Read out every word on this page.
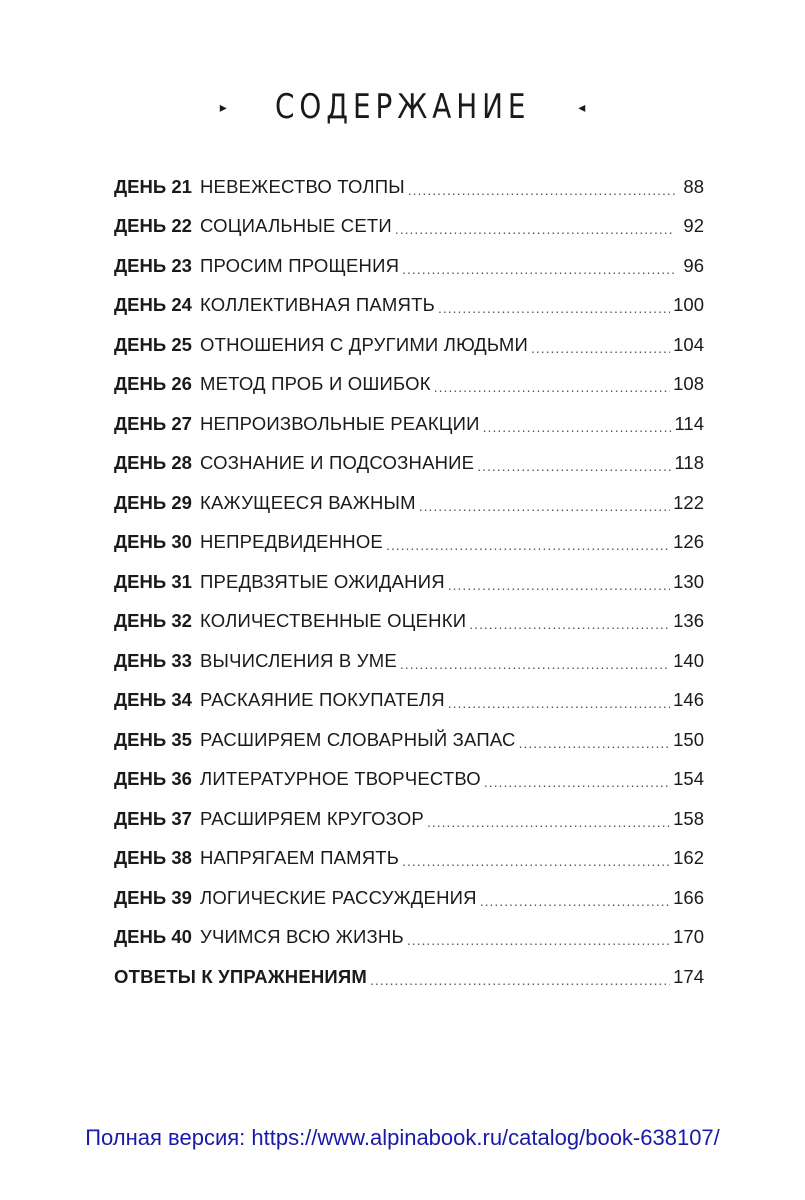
▸ СОДЕРЖАНИЕ	◂
ДЕНЬ 21 НЕВЕЖЕСТВО ТОЛПЫ .....	88
ДЕНЬ 22 СОЦИАЛЬНЫЕ СЕТИ .....	92
ДЕНЬ 23 ПРОСИМ ПРОЩЕНИЯ .....	96
ДЕНЬ 24 КОЛЛЕКТИВНАЯ ПАМЯТЬ .....	100
ДЕНЬ 25 ОТНОШЕНИЯ С ДРУГИМИ ЛЮДЬМИ .....	104
ДЕНЬ 26 МЕТОД ПРОБ И ОШИБОК .....	108
ДЕНЬ 27 НЕПРОИЗВОЛЬНЫЕ РЕАКЦИИ .....	114
ДЕНЬ 28 СОЗНАНИЕ И ПОДСОЗНАНИЕ .....	118
ДЕНЬ 29 КАЖУЩЕЕСЯ ВАЖНЫМ .....	122
ДЕНЬ 30 НЕПРЕДВИДЕННОЕ .....	126
ДЕНЬ 31 ПРЕДВЗЯТЫЕ ОЖИДАНИЯ .....	130
ДЕНЬ 32 КОЛИЧЕСТВЕННЫЕ ОЦЕНКИ .....	136
ДЕНЬ 33 ВЫЧИСЛЕНИЯ В УМЕ .....	140
ДЕНЬ 34 РАСКАЯНИЕ ПОКУПАТЕЛЯ .....	146
ДЕНЬ 35 РАСШИРЯЕМ СЛОВАРНЫЙ ЗАПАС .....	150
ДЕНЬ 36 ЛИТЕРАТУРНОЕ ТВОРЧЕСТВО .....	154
ДЕНЬ 37 РАСШИРЯЕМ КРУГОЗОР .....	158
ДЕНЬ 38 НАПРЯГАЕМ ПАМЯТЬ .....	162
ДЕНЬ 39 ЛОГИЧЕСКИЕ РАССУЖДЕНИЯ .....	166
ДЕНЬ 40 УЧИМСЯ ВСЮ ЖИЗНЬ .....	170
ОТВЕТЫ К УПРАЖНЕНИЯМ .....	174
Полная версия: https://www.alpinabook.ru/catalog/book-638107/
